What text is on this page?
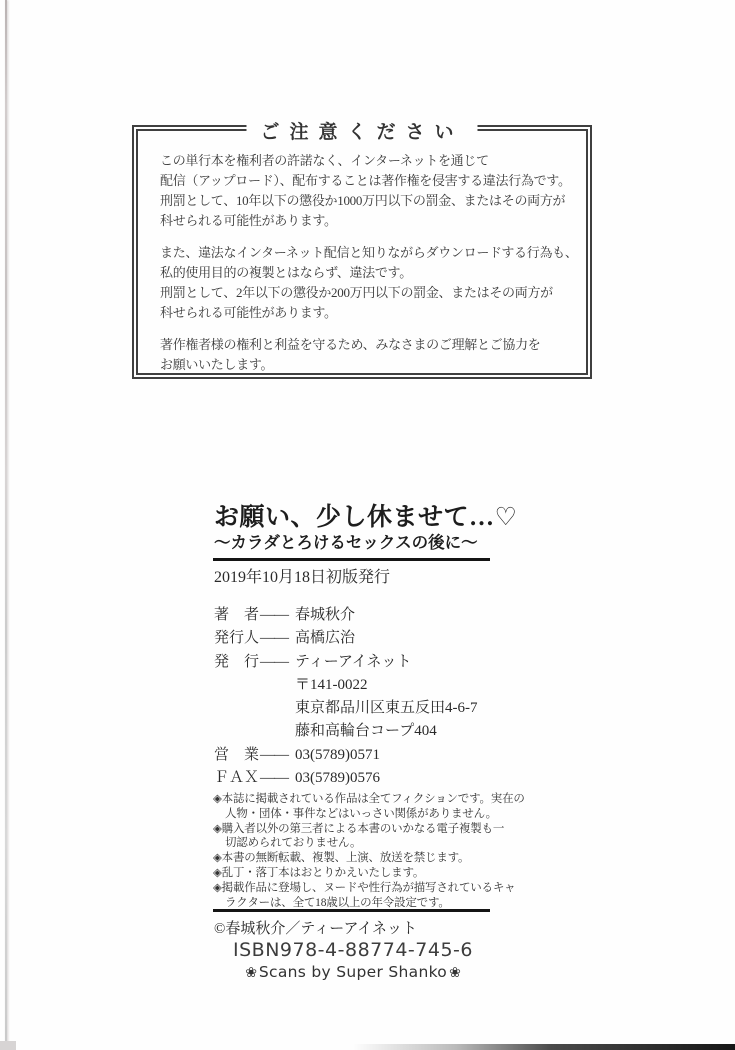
ご注意ください
この単行本を権利者の許諾なく、インターネットを通じて
配信（アップロード）、配布することは著作権を侵害する違法行為です。
刑罰として、10年以下の懲役か1000万円以下の罰金、またはその両方が
科せられる可能性があります。
また、違法なインターネット配信と知りながらダウンロードする行為も、
私的使用目的の複製とはならず、違法です。
刑罰として、2年以下の懲役か200万円以下の罰金、またはその両方が
科せられる可能性があります。
著作権者様の権利と利益を守るため、みなさまのご理解とご協力を
お願いいたします。
お願い、少し休ませて…♡
〜カラダとろけるセックスの後に〜
2019年10月18日初版発行
著　者―― 春城秋介
発行人―― 高橋広治
発　行―― ティーアイネット
〒141-0022
東京都品川区東五反田4-6-7
藤和高輪台コープ404
営　業―― 03(5789)0571
ＦＡＸ―― 03(5789)0576
◈本誌に掲載されている作品は全てフィクションです。実在の
人物・団体・事件などはいっさい関係がありません。
◈購入者以外の第三者による本書のいかなる電子複製も一
切認められておりません。
◈本書の無断転載、複製、上演、放送を禁じます。
◈乱丁・落丁本はおとりかえいたします。
◈掲載作品に登場し、ヌードや性行為が描写されているキャ
ラクターは、全て18歳以上の年令設定です。
©春城秋介／ティーアイネット
ISBN978-4-88774-745-6
❀ Scans by Super Shanko ❀
